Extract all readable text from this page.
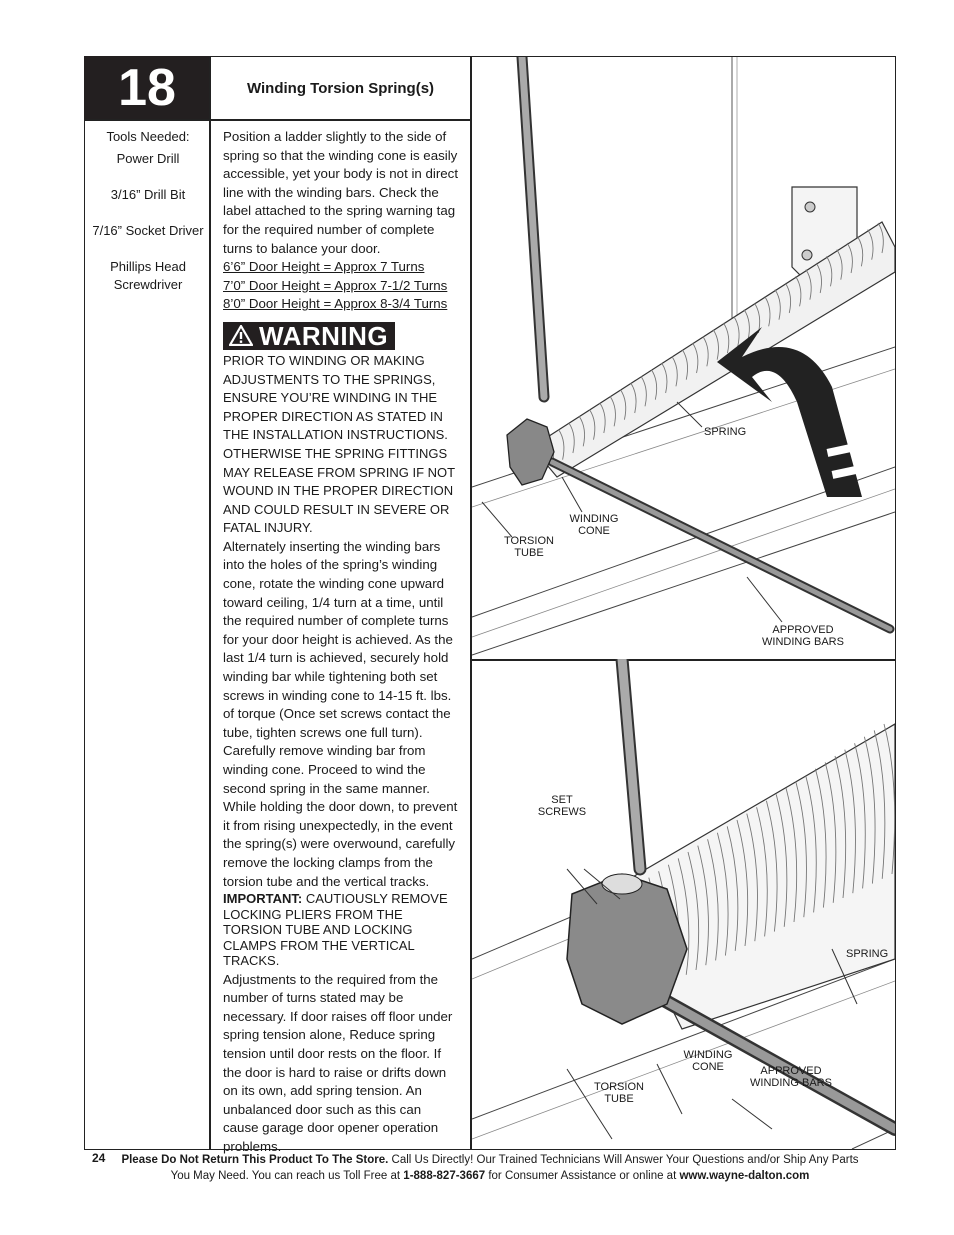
18	Winding Torsion Spring(s)
Tools Needed:
Power Drill
3/16” Drill Bit
7/16” Socket Driver
Phillips Head Screwdriver

Position a ladder slightly to the side of spring so that the winding cone is easily accessible, yet your body is not in direct line with the winding bars. Check the label attached to the spring warning tag for the required number of complete turns to balance your door.

6’6” Door Height = Approx 7 Turns

7’0” Door Height = Approx 7-1/2 Turns

8’0” Door Height = Approx 8-3/4 Turns

WARNING

PRIOR TO WINDING OR MAKING ADJUSTMENTS TO THE SPRINGS, ENSURE YOU’RE WINDING IN THE PROPER DIRECTION AS STATED IN THE INSTALLATION INSTRUCTIONS. OTHERWISE THE SPRING FITTINGS MAY RELEASE FROM SPRING IF NOT WOUND IN THE PROPER DIRECTION AND COULD RESULT IN SEVERE OR FATAL INJURY.

Alternately inserting the winding bars into the holes of the spring’s winding cone, rotate the winding cone upward toward ceiling, 1/4 turn at a time, until the required number of complete turns for your door height is achieved. As the last 1/4 turn is achieved, securely hold winding bar while tightening both set screws in winding cone to 14-15 ft. lbs. of torque (Once set screws contact the tube, tighten screws one full turn). Carefully remove winding bar from winding cone. Proceed to wind the second spring in the same manner. While holding the door down, to prevent it from rising unexpectedly, in the event the spring(s) were overwound, carefully remove the locking clamps from the torsion tube and the vertical tracks.

IMPORTANT: CAUTIOUSLY REMOVE LOCKING PLIERS FROM THE TORSION TUBE AND LOCKING CLAMPS FROM THE VERTICAL TRACKS.

Adjustments to the required from the number of turns stated may be necessary. If door raises off floor under spring tension alone, Reduce spring tension until door rests on the floor. If the door is hard to raise or drifts down on its own, add spring tension. An unbalanced door such as this can cause garage door opener operation problems.

SPRING
WINDING CONE
TORSION TUBE
APPROVED WINDING BARS
SET SCREWS
SPRING
WINDING CONE
TORSION TUBE
APPROVED WINDING BARS
24	Please Do Not Return This Product To The Store. Call Us Directly! Our Trained Technicians Will Answer Your Questions and/or Ship Any Parts
You May Need. You can reach us Toll Free at 1-888-827-3667 for Consumer Assistance or online at www.wayne-dalton.com
